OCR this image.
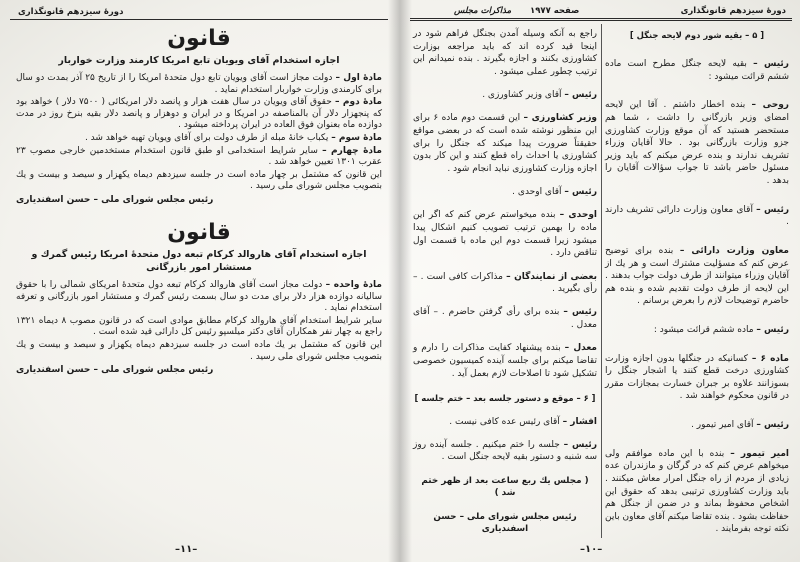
دورهٔ سیزدهم قانونگذاری
قانون
اجازه استخدام آقای ویویان تابع امریکا کارمند وزارت خواربار

مادهٔ اول – دولت مجاز است آقای ویویان تابع دول متحدهٔ امریکا را از تاریخ ۲۵ آذر بمدت دو سال برای کارمندی وزارت خواربار استخدام نماید .

مادهٔ دوم – حقوق آقای ویویان در سال هفت هزار و پانصد دلار امریکائی ( ۷۵۰۰ دلار ) خواهد بود که پنجهزار دلار آن بالمناصفه در امریکا و در ایران و دوهزار و پانصد دلار بقیه بنرخ روز در مدت دوازده ماه بعنوان فوق العاده در ایران پرداخته میشود .

مادهٔ سوم – یکباب خانهٔ مبله از طرف دولت برای آقای ویویان تهیه خواهد شد .

مادهٔ چهارم – سایر شرایط استخدامی او طبق قانون استخدام مستخدمین خارجی مصوب ۲۳ عقرب ۱۳۰۱ تعیین خواهد شد .

این قانون که مشتمل بر چهار ماده است در جلسه سیزدهم دیماه یکهزار و سیصد و بیست و یك بتصویب مجلس شورای ملی رسید .

رئیس مجلس شورای ملی – حسن اسفندیاری
قانون
اجازه استخدام آقای هاروالد کرکام تبعه دول متحدهٔ امریکا رئیس گمرك و مستشار امور بازرگانی

مادهٔ واحده – دولت مجاز است آقای هاروالد کرکام تبعه دول متحدهٔ امریکای شمالی را با حقوق سالیانه دوازده هزار دلار برای مدت دو سال بسمت رئیس گمرك و مستشار امور بازرگانی و تعرفه استخدام نماید .

سایر شرایط استخدام آقای هاروالد کرکام مطابق موادی است که در قانون مصوب ۸ دیماه ۱۳۲۱ راجع به چهار نفر همکاران آقای دکتر میلسپو رئیس کل دارائی قید شده است .

این قانون که مشتمل بر یك ماده است در جلسه سیزدهم دیماه یکهزار و سیصد و بیست و یك بتصویب مجلس شورای ملی رسید .

رئیس مجلس شورای ملی – حسن اسفندیاری
–۱۱–
مذاکرات مجلس صفحه ۱۹۷۷	دورهٔ سیزدهم قانونگذاری
[ ۵ – بقیه شور دوم لایحه جنگل ]

رئیس – بقیه لایحه جنگل مطرح است ماده ششم قرائت میشود :

روحی – بنده اخطار داشتم . آقا این لایحه امضای وزیر بازرگانی را داشت ، شما هم مستحضر هستید که آن موقع وزارت کشاورزی جزو وزارت بازرگانی بود . حالا آقایان وزراء تشریف ندارند و بنده عرض میکنم که باید وزیر مسئول حاضر باشد تا جواب سؤالات آقایان را بدهد .

رئیس – آقای معاون وزارت دارائی تشریف دارند .

معاون وزارت دارائی – بنده برای توضیح عرض کنم که مسؤلیت مشترك است و هر یك از آقایان وزراء میتوانند از طرف دولت جواب بدهند . این لایحه از طرف دولت تقدیم شده و بنده هم حاضرم توضیحات لازم را بعرض برسانم .

رئیس – ماده ششم قرائت میشود :

ماده ۶ – کسانیکه در جنگلها بدون اجازه وزارت کشاورزی درخت قطع کنند یا اشجار جنگل را بسوزانند علاوه بر جبران خسارت بمجازات مقرر در قانون محکوم خواهند شد .

رئیس – آقای امیر تیمور .

امیر تیمور – بنده با این ماده موافقم ولی میخواهم عرض کنم که در گرگان و مازندران عده زیادی از مردم از راه جنگل امرار معاش میکنند . باید وزارت کشاورزی ترتیبی بدهد که حقوق این اشخاص محفوظ بماند و در ضمن از جنگل هم حفاظت بشود . بنده تقاضا میکنم آقای معاون باین نکته توجه بفرمایند .

راجع به آنکه وسیله آمدن بجنگل فراهم شود در اینجا قید کرده اند که باید مراجعه بوزارت کشاورزی بکنند و اجازه بگیرند . بنده نمیدانم این ترتیب چطور عملی میشود .

رئیس – آقای وزیر کشاورزی .

وزیر کشاورزی – این قسمت دوم ماده ۶ برای این منظور نوشته شده است که در بعضی مواقع حقیقتاً ضرورت پیدا میکند که جنگل را برای کشاورزی یا احداث راه قطع کنند و این کار بدون اجازه وزارت کشاورزی نباید انجام شود .

رئیس – آقای اوحدی .

اوحدی – بنده میخواستم عرض کنم که اگر این ماده را بهمین ترتیب تصویب کنیم اشکال پیدا میشود زیرا قسمت دوم این ماده با قسمت اول تناقض دارد .

بعضی از نمایندگان – مذاکرات کافی است . – رأی بگیرید .

رئیس – بنده برای رأی گرفتن حاضرم . – آقای معدل .

معدل – بنده پیشنهاد کفایت مذاکرات را دارم و تقاضا میکنم برای جلسه آینده کمیسیون خصوصی تشکیل شود تا اصلاحات لازم بعمل آید .

[ ۶ – موقع و دستور جلسه بعد – ختم جلسه ]

افشار – آقای رئیس عده کافی نیست .

رئیس – جلسه را ختم میکنیم . جلسه آینده روز سه شنبه و دستور بقیه لایحه جنگل است .

( مجلس یك ربع ساعت بعد از ظهر ختم شد )
رئیس مجلس شورای ملی – حسن اسفندیاری
–۱۰–
